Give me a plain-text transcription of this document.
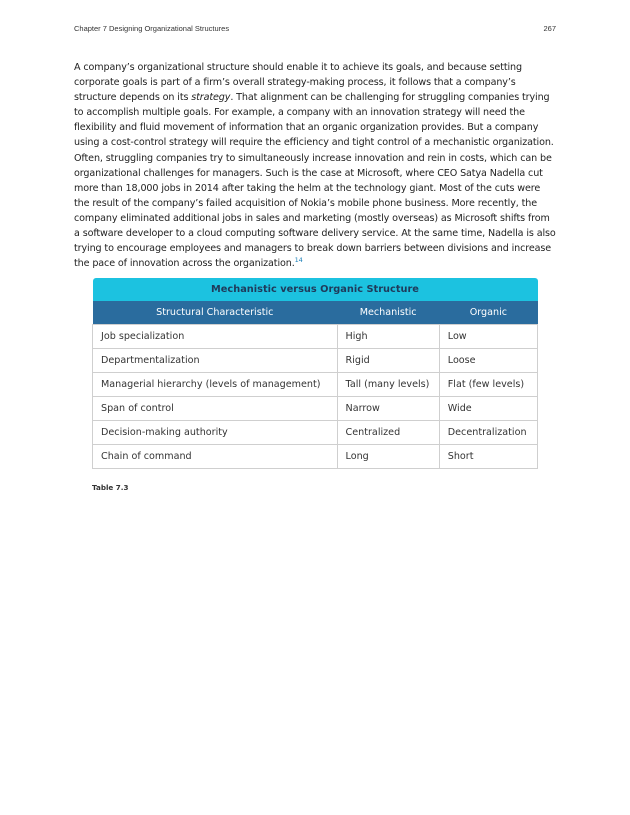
Chapter 7 Designing Organizational Structures	267

A company’s organizational structure should enable it to achieve its goals, and because setting corporate goals is part of a firm’s overall strategy-making process, it follows that a company’s structure depends on its strategy. That alignment can be challenging for struggling companies trying to accomplish multiple goals. For example, a company with an innovation strategy will need the flexibility and fluid movement of information that an organic organization provides. But a company using a cost-control strategy will require the efficiency and tight control of a mechanistic organization. Often, struggling companies try to simultaneously increase innovation and rein in costs, which can be organizational challenges for managers. Such is the case at Microsoft, where CEO Satya Nadella cut more than 18,000 jobs in 2014 after taking the helm at the technology giant. Most of the cuts were the result of the company’s failed acquisition of Nokia’s mobile phone business. More recently, the company eliminated additional jobs in sales and marketing (mostly overseas) as Microsoft shifts from a software developer to a cloud computing software delivery service. At the same time, Nadella is also trying to encourage employees and managers to break down barriers between divisions and increase the pace of innovation across the organization.$^{14}$

Mechanistic versus Organic Structure		
Structural Characteristic	Mechanistic	Organic
Job specialization	High	Low
Departmentalization	Rigid	Loose
Managerial hierarchy (levels of management)	Tall (many levels)	Flat (few levels)
Span of control	Narrow	Wide
Decision-making authority	Centralized	Decentralization
Chain of command	Long	Short
Table 7.3
